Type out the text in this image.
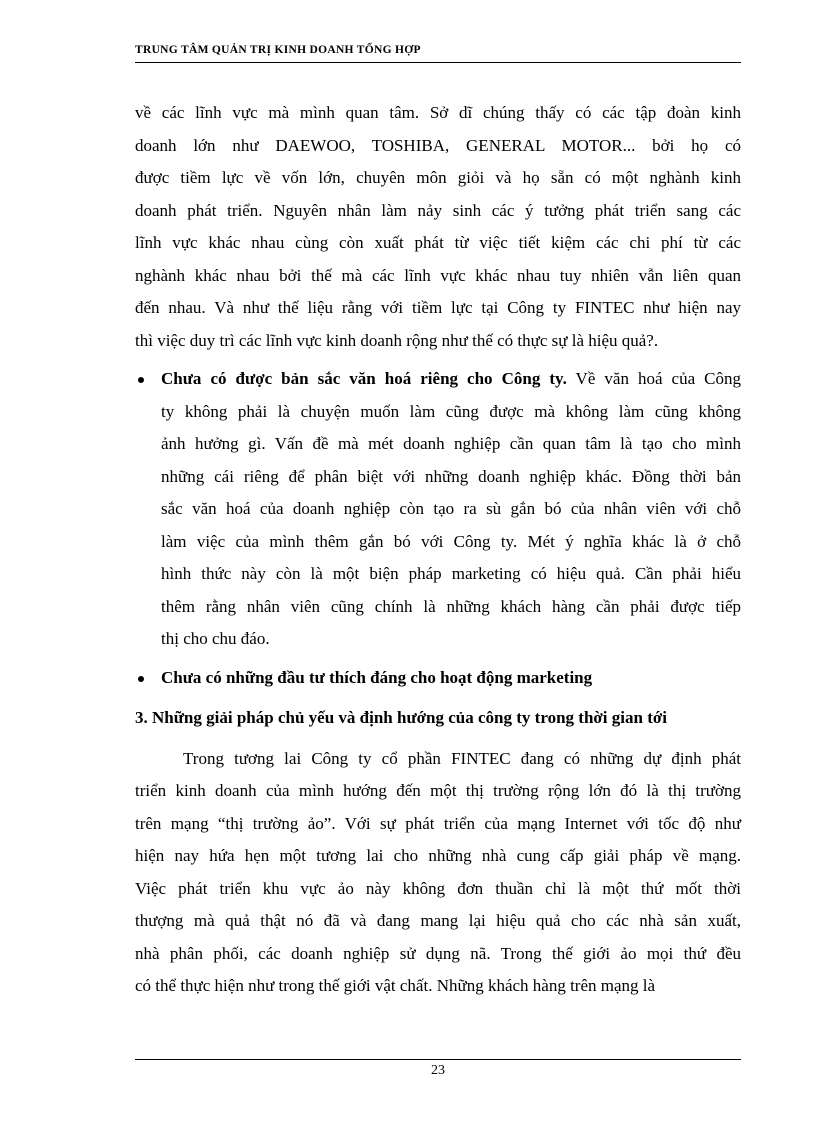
TRUNG TÂM QUẢN TRỊ KINH DOANH TỔNG HỢP
về các lĩnh vực mà mình quan tâm. Sở dĩ chúng thấy có các tập đoàn kinh
doanh lớn như DAEWOO, TOSHIBA, GENERAL MOTOR... bởi họ có
được tiềm lực về vốn lớn, chuyên môn giỏi và họ sẵn có một nghành kinh
doanh phát triển. Nguyên nhân làm nảy sinh các ý tưởng phát triển sang các
lĩnh vực khác nhau cùng còn xuất phát từ việc tiết kiệm các chi phí từ các
nghành khác nhau bởi thế mà các lĩnh vực khác nhau tuy nhiên vẫn liên quan
đến nhau. Và như thế liệu rằng với tiềm lực tại Công ty FINTEC như hiện nay
thì việc duy trì các lĩnh vực kinh doanh rộng như thế có thực sự là hiệu quả?.
Chưa có được bản sắc văn hoá riêng cho Công ty. Về văn hoá của Công
ty không phải là chuyện muốn làm cũng được mà không làm cũng không
ảnh hưởng gì. Vấn đề mà mét doanh nghiệp cần quan tâm là tạo cho mình
những cái riêng để phân biệt với những doanh nghiệp khác. Đồng thời bản
sắc văn hoá của doanh nghiệp còn tạo ra sù gắn bó của nhân viên với chỗ
làm việc của mình thêm gắn bó với Công ty. Mét ý nghĩa khác là ở chỗ
hình thức này còn là một biện pháp marketing có hiệu quả. Cần phải hiểu
thêm rằng nhân viên cũng chính là những khách hàng cần phải được tiếp
thị cho chu đáo.
Chưa có những đầu tư thích đáng cho hoạt động marketing
3. Những giải pháp chủ yếu và định hướng của công ty trong thời gian tới
Trong tương lai Công ty cổ phần FINTEC đang có những dự định phát
triển kinh doanh của mình hướng đến một thị trường rộng lớn đó là thị trường
trên mạng “thị trường ảo”. Với sự phát triển của mạng Internet với tốc độ như
hiện nay hứa hẹn một tương lai cho những nhà cung cấp giải pháp về mạng.
Việc phát triển khu vực ảo này không đơn thuần chỉ là một thứ mốt thời
thượng mà quả thật nó đã và đang mang lại hiệu quả cho các nhà sản xuất,
nhà phân phối, các doanh nghiệp sử dụng nã. Trong thế giới ảo mọi thứ đều
có thể thực hiện như trong thế giới vật chất. Những khách hàng trên mạng là
23
